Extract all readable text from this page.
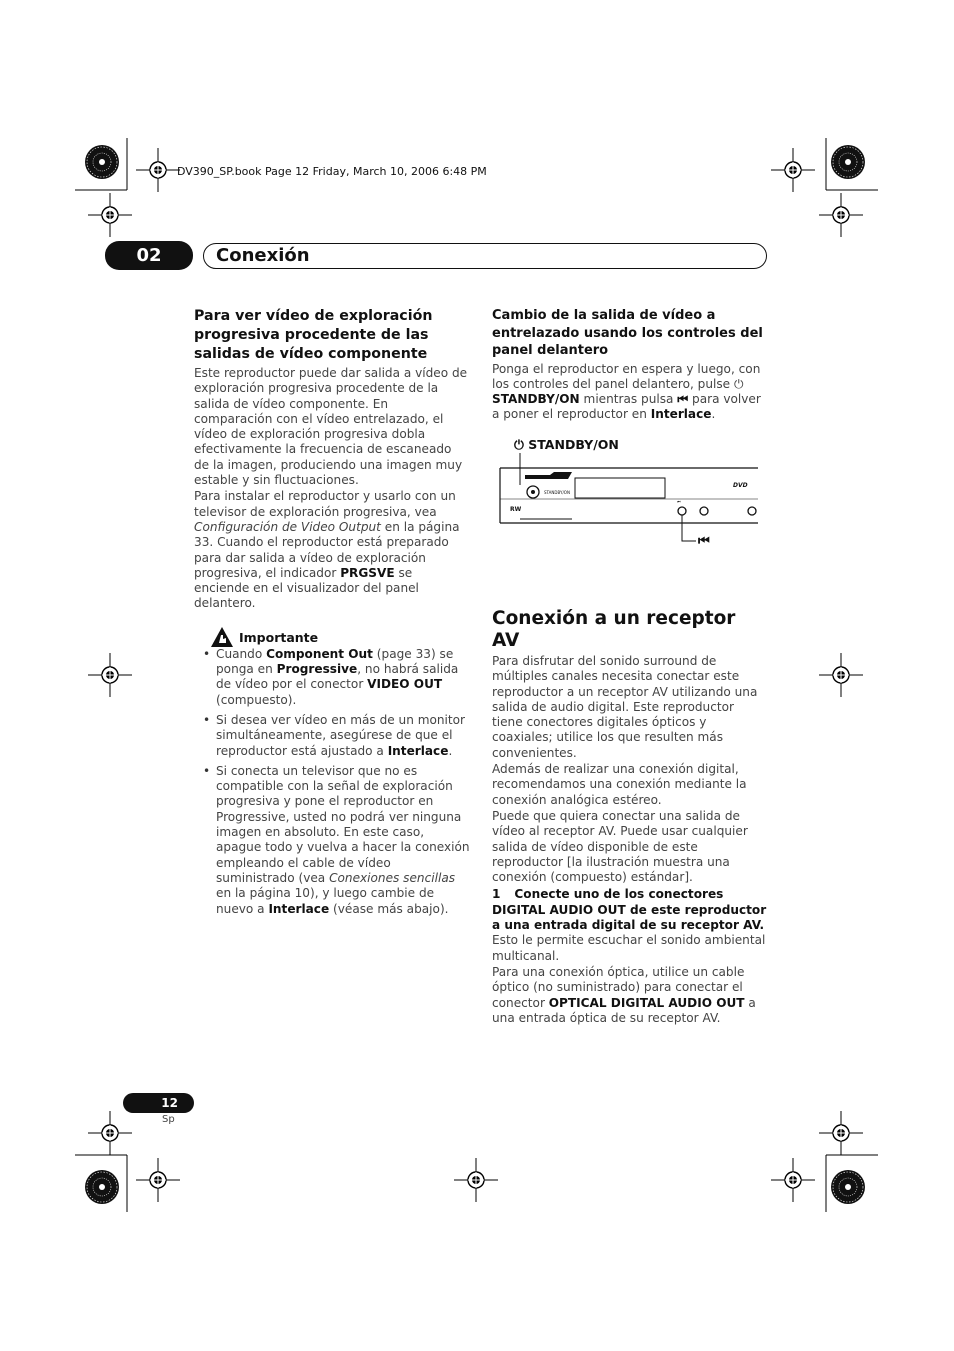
DV390_SP.book Page 12 Friday, March 10, 2006 6:48 PM
02	Conexión
Para ver vídeo de exploración progresiva procedente de las salidas de vídeo componente

Este reproductor puede dar salida a vídeo de exploración progresiva procedente de la salida de vídeo componente. En comparación con el vídeo entrelazado, el vídeo de exploración progresiva dobla efectivamente la frecuencia de escaneado de la imagen, produciendo una imagen muy estable y sin fluctuaciones.

Para instalar el reproductor y usarlo con un televisor de exploración progresiva, vea Configuración de Video Output en la página 33. Cuando el reproductor está preparado para dar salida a vídeo de exploración progresiva, el indicador PRGSVE se enciende en el visualizador del panel delantero.

Importante
• Cuando Component Out (page 33) se ponga en Progressive, no habrá salida de vídeo por el conector VIDEO OUT (compuesto).
• Si desea ver vídeo en más de un monitor simultáneamente, asegúrese de que el reproductor está ajustado a Interlace.
• Si conecta un televisor que no es compatible con la señal de exploración progresiva y pone el reproductor en Progressive, usted no podrá ver ninguna imagen en absoluto. En este caso, apague todo y vuelva a hacer la conexión empleando el cable de vídeo suministrado (vea Conexiones sencillas en la página 10), y luego cambie de nuevo a Interlace (véase más abajo).
Cambio de la salida de vídeo a entrelazado usando los controles del panel delantero

Ponga el reproductor en espera y luego, con los controles del panel delantero, pulse ⏻
STANDBY/ON mientras pulsa ⏮ para volver a poner el reproductor en Interlace.

⏻ STANDBY/ON
STANDBY/ON
⏮
RW
DVD
⏮
Conexión a un receptor AV

Para disfrutar del sonido surround de múltiples canales necesita conectar este reproductor a un receptor AV utilizando una salida de audio digital. Este reproductor tiene conectores digitales ópticos y coaxiales; utilice los que resulten más convenientes.

Además de realizar una conexión digital, recomendamos una conexión mediante la conexión analógica estéreo.

Puede que quiera conectar una salida de vídeo al receptor AV. Puede usar cualquier salida de vídeo disponible de este reproductor [la ilustración muestra una conexión (compuesto) estándar].

1 Conecte uno de los conectores DIGITAL AUDIO OUT de este reproductor a una entrada digital de su receptor AV.

Esto le permite escuchar el sonido ambiental multicanal.

Para una conexión óptica, utilice un cable óptico (no suministrado) para conectar el conector OPTICAL DIGITAL AUDIO OUT a una entrada óptica de su receptor AV.

12
Sp
